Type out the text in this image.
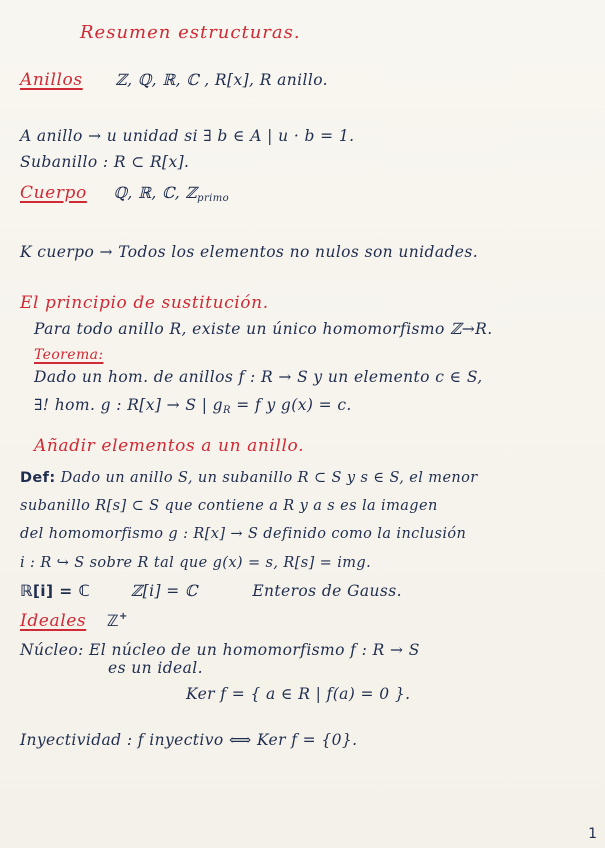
Resumen estructuras.
Anillos ℤ, ℚ, ℝ, ℂ , R[x], R anillo.
A anillo → u unidad si ∃ b ∈ A | u · b = 1.
Subanillo : R ⊂ R[x].
Cuerpo ℚ, ℝ, ℂ, ℤ$_{primo}$
K cuerpo → Todos los elementos no nulos son unidades.
El principio de sustitución.
Para todo anillo R, existe un único homomorfismo ℤ→R.
Teorema:
Dado un hom. de anillos f : R → S y un elemento c ∈ S,
∃! hom. g : R[x] → S | $g_R = f$ y g(x) = c.
Añadir elementos a un anillo.
Def: Dado un anillo S, un subanillo R ⊂ S y s ∈ S, el menor
subanillo R[s] ⊂ S que contiene a R y a s es la imagen
del homomorfismo g : R[x] → S definido como la inclusión
i : R ↪ S sobre R tal que g(x) = s, R[s] = img.
ℝ[i] = ℂ	ℤ[i] = ℂ	Enteros de Gauss.
Ideales ℤ+
Núcleo: El núcleo de un homomorfismo f : R → S
es un ideal.
Ker f = { a ∈ R | f(a) = 0 }.
Inyectividad : f inyectivo ⟺ Ker f = {0}.
1
